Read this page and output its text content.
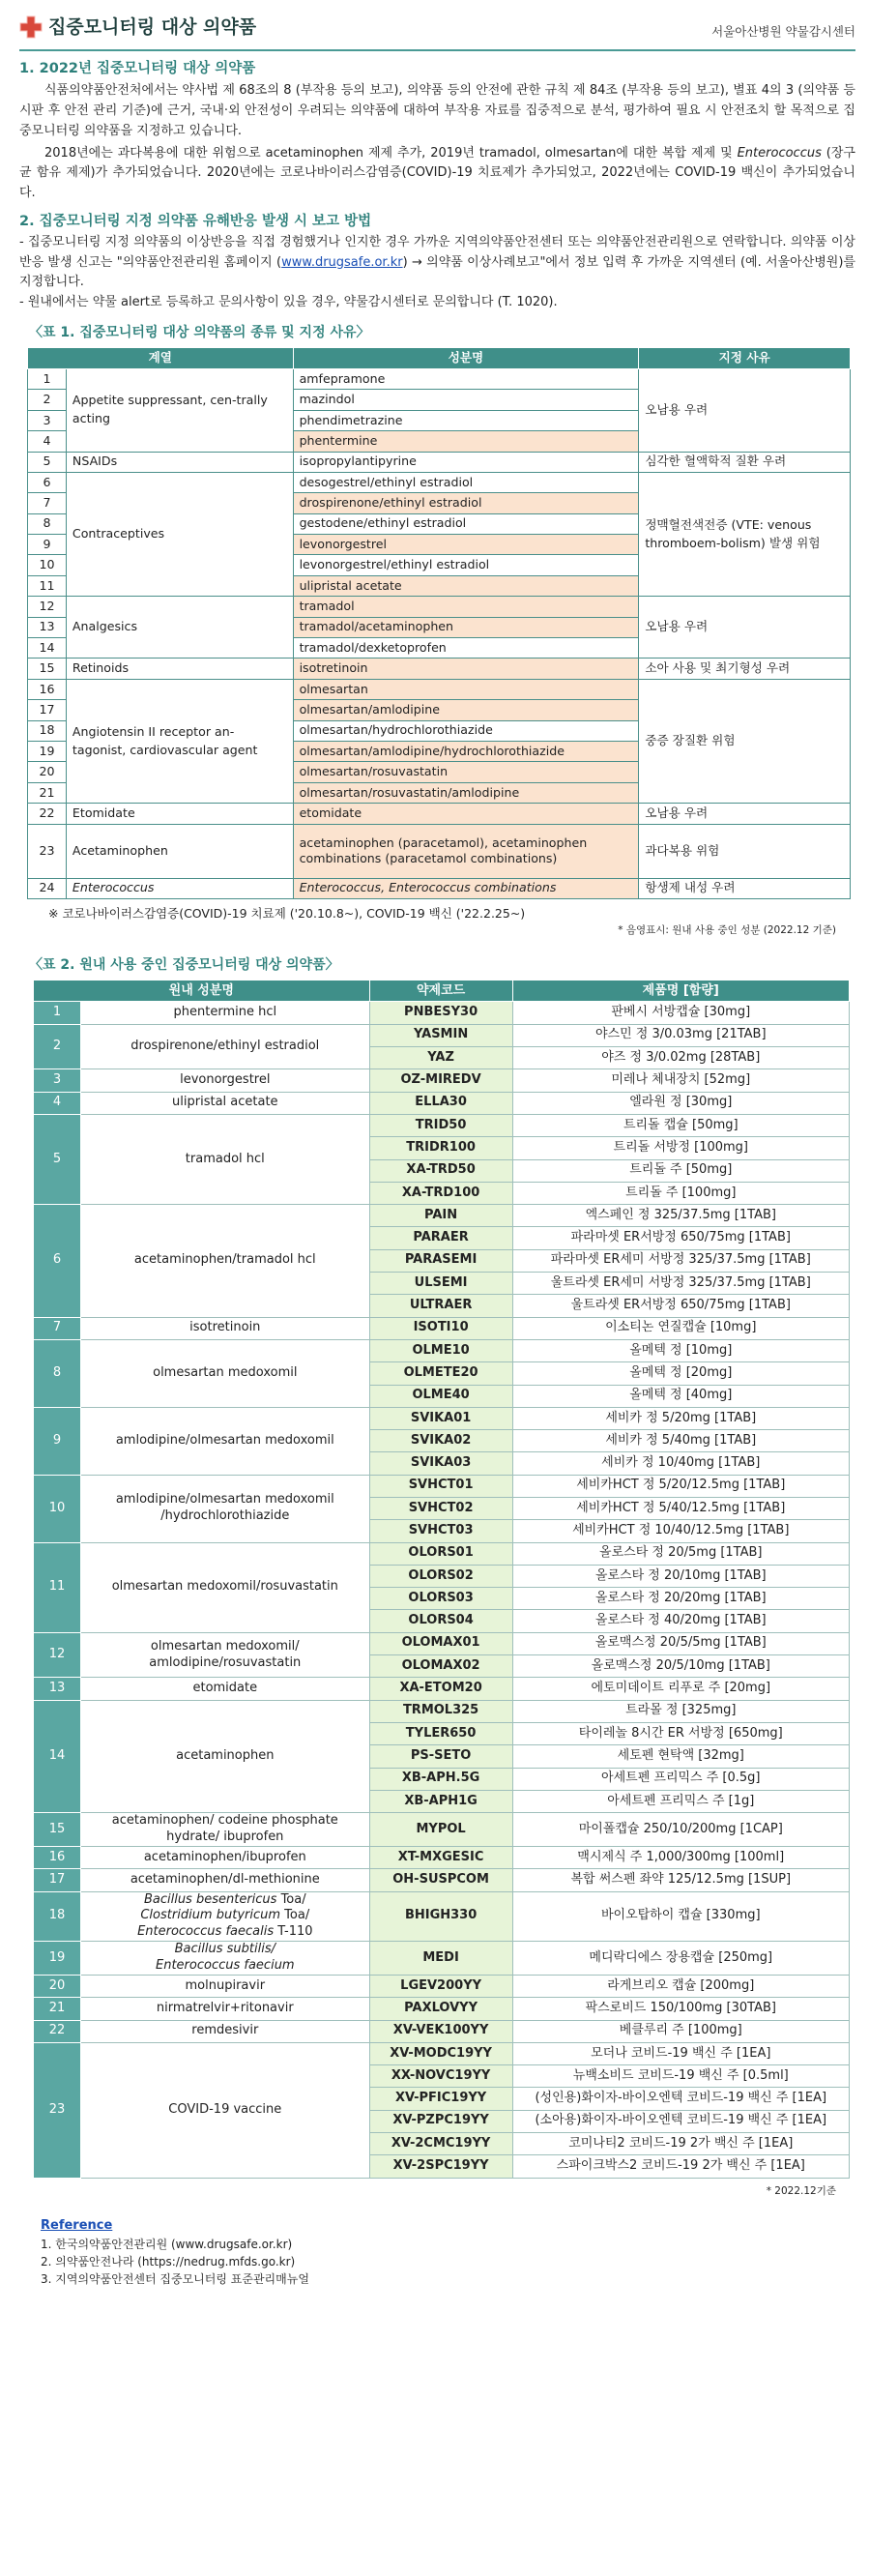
집중모니터링 대상 의약품	서울아산병원 약물감시센터
1. 2022년 집중모니터링 대상 의약품

식품의약품안전처에서는 약사법 제 68조의 8 (부작용 등의 보고), 의약품 등의 안전에 관한 규칙 제 84조 (부작용 등의 보고), 별표 4의 3 (의약품 등 시판 후 안전 관리 기준)에 근거, 국내·외 안전성이 우려되는 의약품에 대하여 부작용 자료를 집중적으로 분석, 평가하여 필요 시 안전조치 할 목적으로 집중모니터링 의약품을 지정하고 있습니다.

2018년에는 과다복용에 대한 위험으로 acetaminophen 제제 추가, 2019년 tramadol, olmesartan에 대한 복합 제제 및 Enterococcus (장구균 함유 제제)가 추가되었습니다. 2020년에는 코로나바이러스감염증(COVID)-19 치료제가 추가되었고, 2022년에는 COVID-19 백신이 추가되었습니다.

2. 집중모니터링 지정 의약품 유해반응 발생 시 보고 방법

- 집중모니터링 지정 의약품의 이상반응을 직접 경험했거나 인지한 경우 가까운 지역의약품안전센터 또는 의약품안전관리원으로 연락합니다. 의약품 이상반응 발생 신고는 "의약품안전관리원 홈페이지 (www.drugsafe.or.kr) → 의약품 이상사례보고"에서 정보 입력 후 가까운 지역센터 (예. 서울아산병원)를 지정합니다.

- 원내에서는 약물 alert로 등록하고 문의사항이 있을 경우, 약물감시센터로 문의합니다 (T. 1020).

〈표 1. 집중모니터링 대상 의약품의 종류 및 지정 사유〉
계열		성분명	지정 사유
1	Appetite suppressant, cen-trally acting	amfepramone	오남용 우려
2		mazindol	
3		phendimetrazine	
4		phentermine	
5	NSAIDs	isopropylantipyrine	심각한 혈액학적 질환 우려
6	Contraceptives	desogestrel/ethinyl estradiol	정맥혈전색전증 (VTE: venous thromboem-bolism) 발생 위험
7		drospirenone/ethinyl estradiol	
8		gestodene/ethinyl estradiol	
9		levonorgestrel	
10		levonorgestrel/ethinyl estradiol	
11		ulipristal acetate	
12	Analgesics	tramadol	오남용 우려
13		tramadol/acetaminophen	
14		tramadol/dexketoprofen	
15	Retinoids	isotretinoin	소아 사용 및 최기형성 우려
16	Angiotensin II receptor an-tagonist, cardiovascular agent	olmesartan	중증 장질환 위험
17		olmesartan/amlodipine	
18		olmesartan/hydrochlorothiazide	
19		olmesartan/amlodipine/hydrochlorothiazide	
20		olmesartan/rosuvastatin	
21		olmesartan/rosuvastatin/amlodipine	
22	Etomidate	etomidate	오남용 우려
23	Acetaminophen	acetaminophen (paracetamol), acetaminophen combinations (paracetamol combinations)	과다복용 위험
24	Enterococcus	Enterococcus, Enterococcus combinations	항생제 내성 우려

※ 코로나바이러스감염증(COVID)-19 치료제 ('20.10.8~), COVID-19 백신 ('22.2.25~)

* 음영표시: 원내 사용 중인 성분 (2022.12 기준)

〈표 2. 원내 사용 중인 집중모니터링 대상 의약품〉
원내 성분명		약제코드	제품명 [함량]
1	phentermine hcl	PNBESY30	판베시 서방캡슐 [30mg]
2	drospirenone/ethinyl estradiol	YASMIN	야스민 정 3/0.03mg [21TAB]
		YAZ	야즈 정 3/0.02mg [28TAB]
3	levonorgestrel	OZ-MIREDV	미레나 체내장치 [52mg]
4	ulipristal acetate	ELLA30	엘라원 정 [30mg]
5	tramadol hcl	TRID50	트리돌 캡슐 [50mg]
		TRIDR100	트리돌 서방정 [100mg]
		XA-TRD50	트리돌 주 [50mg]
		XA-TRD100	트리돌 주 [100mg]
6	acetaminophen/tramadol hcl	PAIN	엑스페인 정 325/37.5mg [1TAB]
		PARAER	파라마셋 ER서방정 650/75mg [1TAB]
		PARASEMI	파라마셋 ER세미 서방정 325/37.5mg [1TAB]
		ULSEMI	울트라셋 ER세미 서방정 325/37.5mg [1TAB]
		ULTRAER	울트라셋 ER서방정 650/75mg [1TAB]
7	isotretinoin	ISOTI10	이소티논 연질캡슐 [10mg]
8	olmesartan medoxomil	OLME10	올메텍 정 [10mg]
		OLMETE20	올메텍 정 [20mg]
		OLME40	올메텍 정 [40mg]
9	amlodipine/olmesartan medoxomil	SVIKA01	세비카 정 5/20mg [1TAB]
		SVIKA02	세비카 정 5/40mg [1TAB]
		SVIKA03	세비카 정 10/40mg [1TAB]
10	amlodipine/olmesartan medoxomil /hydrochlorothiazide	SVHCT01	세비카HCT 정 5/20/12.5mg [1TAB]
		SVHCT02	세비카HCT 정 5/40/12.5mg [1TAB]
		SVHCT03	세비카HCT 정 10/40/12.5mg [1TAB]
11	olmesartan medoxomil/rosuvastatin	OLORS01	올로스타 정 20/5mg [1TAB]
		OLORS02	올로스타 정 20/10mg [1TAB]
		OLORS03	올로스타 정 20/20mg [1TAB]
		OLORS04	올로스타 정 40/20mg [1TAB]
12	olmesartan medoxomil/ amlodipine/rosuvastatin	OLOMAX01	올로맥스정 20/5/5mg [1TAB]
		OLOMAX02	올로맥스정 20/5/10mg [1TAB]
13	etomidate	XA-ETOM20	에토미데이트 리푸로 주 [20mg]
14	acetaminophen	TRMOL325	트라몰 정 [325mg]
		TYLER650	타이레놀 8시간 ER 서방정 [650mg]
		PS-SETO	세토펜 현탁액 [32mg]
		XB-APH.5G	아세트펜 프리믹스 주 [0.5g]
		XB-APH1G	아세트펜 프리믹스 주 [1g]
15	acetaminophen/ codeine phosphate hydrate/ ibuprofen	MYPOL	마이폴캡슐 250/10/200mg [1CAP]
16	acetaminophen/ibuprofen	XT-MXGESIC	맥시제식 주 1,000/300mg [100ml]
17	acetaminophen/dl-methionine	OH-SUSPCOM	복합 써스펜 좌약 125/12.5mg [1SUP]
18	Bacillus besentericus Toa/
Clostridium butyricum Toa/
Enterococcus faecalis T-110	BHIGH330	바이오탑하이 캡슐 [330mg]
19	Bacillus subtilis/
Enterococcus faecium	MEDI	메디락디에스 장용캡슐 [250mg]
20	molnupiravir	LGEV200YY	라게브리오 캡슐 [200mg]
21	nirmatrelvir+ritonavir	PAXLOVYY	팍스로비드 150/100mg [30TAB]
22	remdesivir	XV-VEK100YY	베클루리 주 [100mg]
23	COVID-19 vaccine	XV-MODC19YY	모더나 코비드-19 백신 주 [1EA]
		XX-NOVC19YY	뉴백소비드 코비드-19 백신 주 [0.5ml]
		XV-PFIC19YY	(성인용)화이자-바이오엔텍 코비드-19 백신 주 [1EA]
		XV-PZPC19YY	(소아용)화이자-바이오엔텍 코비드-19 백신 주 [1EA]
		XV-2CMC19YY	코미나티2 코비드-19 2가 백신 주 [1EA]
		XV-2SPC19YY	스파이크박스2 코비드-19 2가 백신 주 [1EA]

* 2022.12기준

Reference
1. 한국의약품안전관리원 (www.drugsafe.or.kr)
2. 의약품안전나라 (https://nedrug.mfds.go.kr)
3. 지역의약품안전센터 집중모니터링 표준관리매뉴얼
